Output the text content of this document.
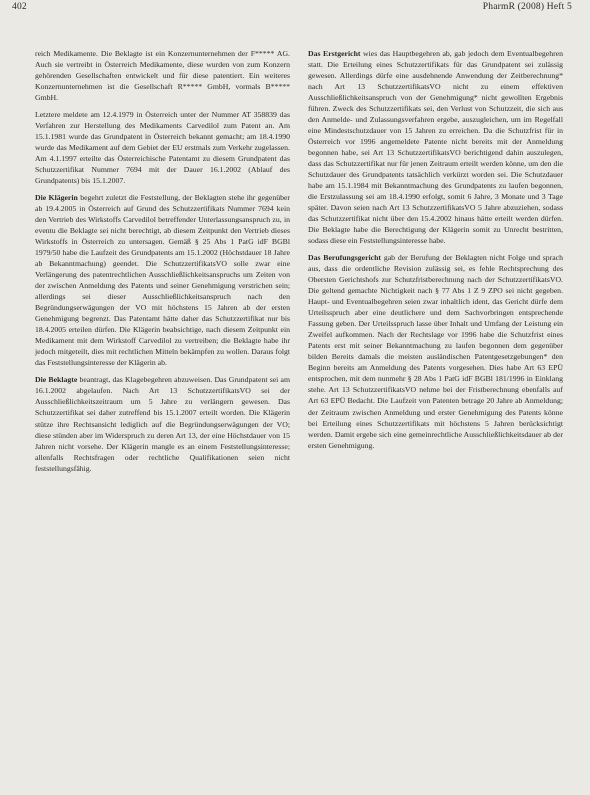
402	PharmR (2008) Heft 5

reich Medikamente. Die Beklagte ist ein Konzernunternehmen der F***** AG. Auch sie vertreibt in Österreich Medikamente, diese wurden von zum Konzern gehörenden Gesellschaften entwickelt und für diese patentiert. Ein weiteres Konzernunternehmen ist die Gesellschaft R***** GmbH, vormals B***** GmbH.

Letztere meldete am 12.4.1979 in Österreich unter der Nummer AT 358839 das Verfahren zur Herstellung des Medikaments Carvedilol zum Patent an. Am 15.1.1981 wurde das Grundpatent in Österreich bekannt gemacht; am 18.4.1990 wurde das Medikament auf dem Gebiet der EU erstmals zum Verkehr zugelassen. Am 4.1.1997 erteilte das Österreichische Patentamt zu diesem Grundpatent das Schutzzertifikat Nummer 7694 mit der Dauer 16.1.2002 (Ablauf des Grundpatents) bis 15.1.2007.

Die Klägerin begehrt zuletzt die Feststellung, der Beklagten stehe ihr gegenüber ab 19.4.2005 in Österreich auf Grund des Schutzzertifikats Nummer 7694 kein den Vertrieb des Wirkstoffs Carvedilol betreffender Unterlassungsanspruch zu, in eventu die Beklagte sei nicht berechtigt, ab diesem Zeitpunkt den Vertrieb dieses Wirkstoffs in Österreich zu untersagen. Gemäß § 25 Abs 1 PatG idF BGBl 1979/50 habe die Laufzeit des Grundpatents am 15.1.2002 (Höchstdauer 18 Jahre ab Bekanntmachung) geendet. Die SchutzzertifikatsVO solle zwar eine Verlängerung des patentrechtlichen Ausschließlichkeitsanspruchs um Zeiten von der zwischen Anmeldung des Patents und seiner Genehmigung verstrichen sein; allerdings sei dieser Ausschließlichkeitsanspruch nach den Begründungserwägungen der VO mit höchstens 15 Jahren ab der ersten Genehmigung begrenzt. Das Patentamt hätte daher das Schutzzertifikat nur bis 18.4.2005 erteilen dürfen. Die Klägerin beabsichtige, nach diesem Zeitpunkt ein Medikament mit dem Wirkstoff Carvedilol zu vertreiben; die Beklagte habe ihr jedoch mitgeteilt, dies mit rechtlichen Mitteln bekämpfen zu wollen. Daraus folgt das Feststellungsinteresse der Klägerin ab.

Die Beklagte beantragt, das Klagebegehren abzuweisen. Das Grundpatent sei am 16.1.2002 abgelaufen. Nach Art 13 SchutzzertifikatsVO sei der Ausschließlichkeitszeitraum um 5 Jahre zu verlängern gewesen. Das Schutzzertifikat sei daher zutreffend bis 15.1.2007 erteilt worden. Die Klägerin stütze ihre Rechtsansicht lediglich auf die Begründungserwägungen der VO; diese stünden aber im Widerspruch zu deren Art 13, der eine Höchstdauer von 15 Jahren nicht vorsehe. Der Klägerin mangle es an einem Feststellungsinteresse; allenfalls Rechtsfragen oder rechtliche Qualifikationen seien nicht feststellungsfähig.

Das Erstgericht wies das Hauptbegehren ab, gab jedoch dem Eventualbegehren statt. Die Erteilung eines Schutzzertifikats für das Grundpatent sei zulässig gewesen. Allerdings dürfe eine ausdehnende Anwendung der Zeitberechnung* nach Art 13 SchutzzertifikatsVO nicht zu einem effektiven Ausschließlichkeitsanspruch von der Genehmigung* nicht gewollten Ergebnis führen. Zweck des Schutzzertifikats sei, den Verlust von Schutzzeit, die sich aus den Anmelde- und Zulassungsverfahren ergebe, auszugleichen, um im Regelfall eine Mindestschutzdauer von 15 Jahren zu erreichen. Da die Schutzfrist für in Österreich vor 1996 angemeldete Patente nicht bereits mit der Anmeldung begonnen habe, sei Art 13 SchutzzertifikatsVO berichtigend dahin auszulegen, dass das Schutzzertifikat nur für jenen Zeitraum erteilt werden könne, um den die Schutzdauer des Grundpatents tatsächlich verkürzt worden sei. Die Schutzdauer habe am 15.1.1984 mit Bekanntmachung des Grundpatents zu laufen begonnen, die Erstzulassung sei am 18.4.1990 erfolgt, somit 6 Jahre, 3 Monate und 3 Tage später. Davon seien nach Art 13 SchutzzertifikatsVO 5 Jahre abzuziehen, sodass das Schutzzertifikat nicht über den 15.4.2002 hinaus hätte erteilt werden dürfen. Die Beklagte habe die Berechtigung der Klägerin somit zu Unrecht bestritten, sodass diese ein Feststellungsinteresse habe.

Das Berufungsgericht gab der Berufung der Beklagten nicht Folge und sprach aus, dass die ordentliche Revision zulässig sei, es fehle Rechtsprechung des Obersten Gerichtshofs zur Schutzfristberechnung nach der SchutzzertifikatsVO. Die geltend gemachte Nichtigkeit nach § 77 Abs 1 Z 9 ZPO sei nicht gegeben. Haupt- und Eventualbegehren seien zwar inhaltlich ident, das Gericht dürfe dem Urteilsspruch aber eine deutlichere und dem Sachvorbringen entsprechende Fassung geben. Der Urteilsspruch lasse über Inhalt und Umfang der Leistung ein Zweifel aufkommen. Nach der Rechtslage vor 1996 habe die Schutzfrist eines Patents erst mit seiner Bekanntmachung zu laufen begonnen dem gegenüber bilden Bereits damals die meisten ausländischen Patentgesetzgebungen* den Beginn bereits am Anmeldung des Patents vorgesehen. Dies habe Art 63 EPÜ entsprochen, mit dem nunmehr § 28 Abs 1 PatG idF BGBl 181/1996 in Einklang stehe. Art 13 SchutzzertifikatsVO nehme bei der Fristberechnung ebenfalls auf Art 63 EPÜ Bedacht. Die Laufzeit von Patenten betrage 20 Jahre ab Anmeldung; der Zeitraum zwischen Anmeldung und erster Genehmigung des Patents könne bei Erteilung eines Schutzzertifikats mit höchstens 5 Jahren berücksichtigt werden. Damit ergebe sich eine gemeinrechtliche Ausschließlichkeitsdauer ab der ersten Genehmigung.
